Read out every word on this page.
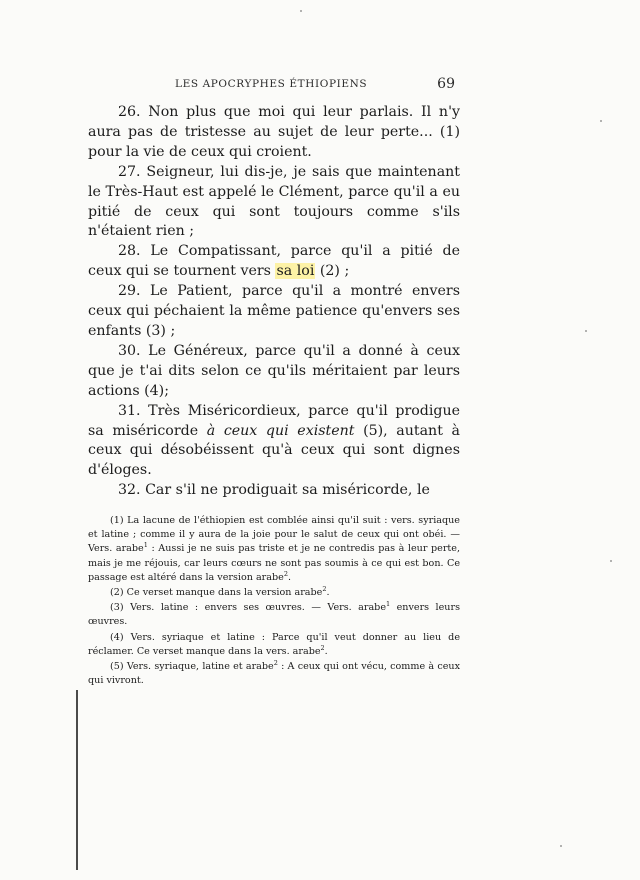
LES APOCRYPHES ÉTHIOPIENS	69

26. Non plus que moi qui leur parlais. Il n'y aura pas de tristesse au sujet de leur perte... (1) pour la vie de ceux qui croient.

27. Seigneur, lui dis-je, je sais que maintenant le Très-Haut est appelé le Clément, parce qu'il a eu pitié de ceux qui sont toujours comme s'ils n'étaient rien ;

28. Le Compatissant, parce qu'il a pitié de ceux qui se tournent vers sa loi (2) ;

29. Le Patient, parce qu'il a montré envers ceux qui péchaient la même patience qu'envers ses enfants (3) ;

30. Le Généreux, parce qu'il a donné à ceux que je t'ai dits selon ce qu'ils méritaient par leurs actions (4);

31. Très Miséricordieux, parce qu'il prodigue sa miséricorde à ceux qui existent (5), autant à ceux qui désobéissent qu'à ceux qui sont dignes d'éloges.

32. Car s'il ne prodiguait sa miséricorde, le

(1) La lacune de l'éthiopien est comblée ainsi qu'il suit : vers. syriaque et latine ; comme il y aura de la joie pour le salut de ceux qui ont obéi. — Vers. arabe$^1$ : Aussi je ne suis pas triste et je ne contredis pas à leur perte, mais je me réjouis, car leurs cœurs ne sont pas soumis à ce qui est bon. Ce passage est altéré dans la version arabe$^2$.

(2) Ce verset manque dans la version arabe$^2$.

(3) Vers. latine : envers ses œuvres. — Vers. arabe$^1$ envers leurs œuvres.

(4) Vers. syriaque et latine : Parce qu'il veut donner au lieu de réclamer. Ce verset manque dans la vers. arabe$^2$.

(5) Vers. syriaque, latine et arabe$^2$ : A ceux qui ont vécu, comme à ceux qui vivront.
